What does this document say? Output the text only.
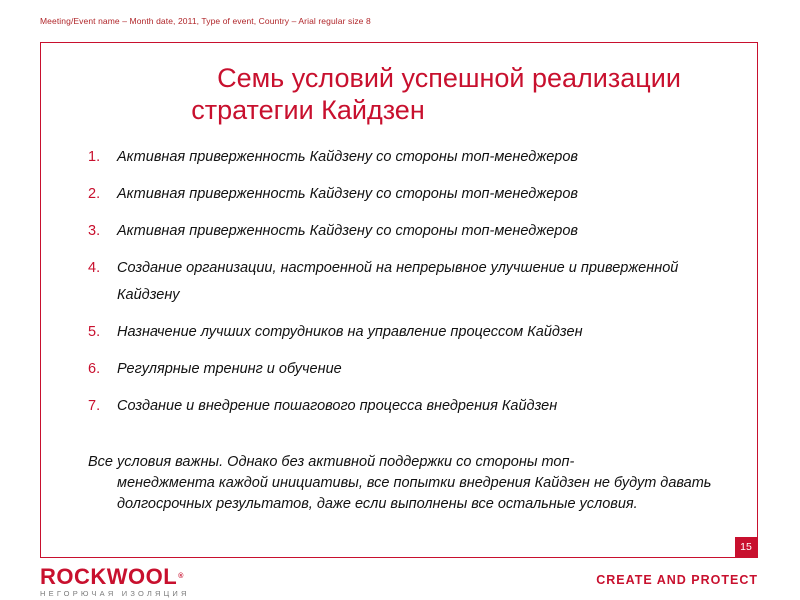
Meeting/Event name – Month date, 2011, Type of event, Country – Arial regular size 8
Семь условий успешной реализации
стратегии Кайдзен
1. Активная приверженность Кайдзену со стороны топ-менеджеров
2. Активная приверженность Кайдзену со стороны топ-менеджеров
3. Активная приверженность Кайдзену со стороны топ-менеджеров
4. Создание организации, настроенной на непрерывное улучшение и приверженной Кайдзену
5. Назначение лучших сотрудников на управление процессом Кайдзен
6. Регулярные тренинг и обучение
7. Создание и внедрение пошагового процесса внедрения Кайдзен
Все условия важны. Однако без активной поддержки со стороны топ-
менеджмента каждой инициативы, все попытки внедрения Кайдзен не будут давать долгосрочных результатов, даже если выполнены все остальные условия.
15
ROCKWOOL®
НЕГОРЮЧАЯ ИЗОЛЯЦИЯ
CREATE AND PROTECT
